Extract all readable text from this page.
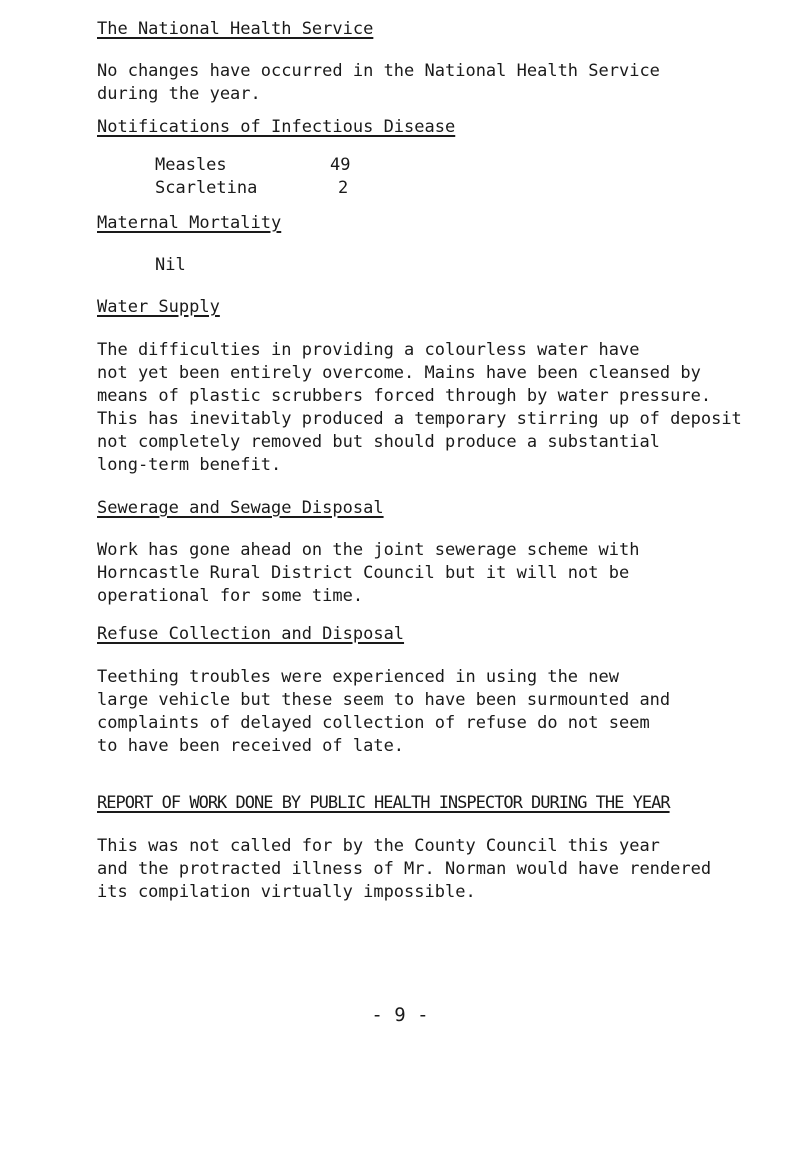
The National Health Service

No changes have occurred in the National Health Service
during the year.

Notifications of Infectious Disease
Measles	49
Scarletina	2
Maternal Mortality

Nil

Water Supply

The difficulties in providing a colourless water have
not yet been entirely overcome. Mains have been cleansed by
means of plastic scrubbers forced through by water pressure.
This has inevitably produced a temporary stirring up of deposit
not completely removed but should produce a substantial
long-term benefit.

Sewerage and Sewage Disposal

Work has gone ahead on the joint sewerage scheme with
Horncastle Rural District Council but it will not be
operational for some time.

Refuse Collection and Disposal

Teething troubles were experienced in using the new
large vehicle but these seem to have been surmounted and
complaints of delayed collection of refuse do not seem
to have been received of late.

REPORT OF WORK DONE BY PUBLIC HEALTH INSPECTOR DURING THE YEAR

This was not called for by the County Council this year
and the protracted illness of Mr. Norman would have rendered
its compilation virtually impossible.

- 9 -
